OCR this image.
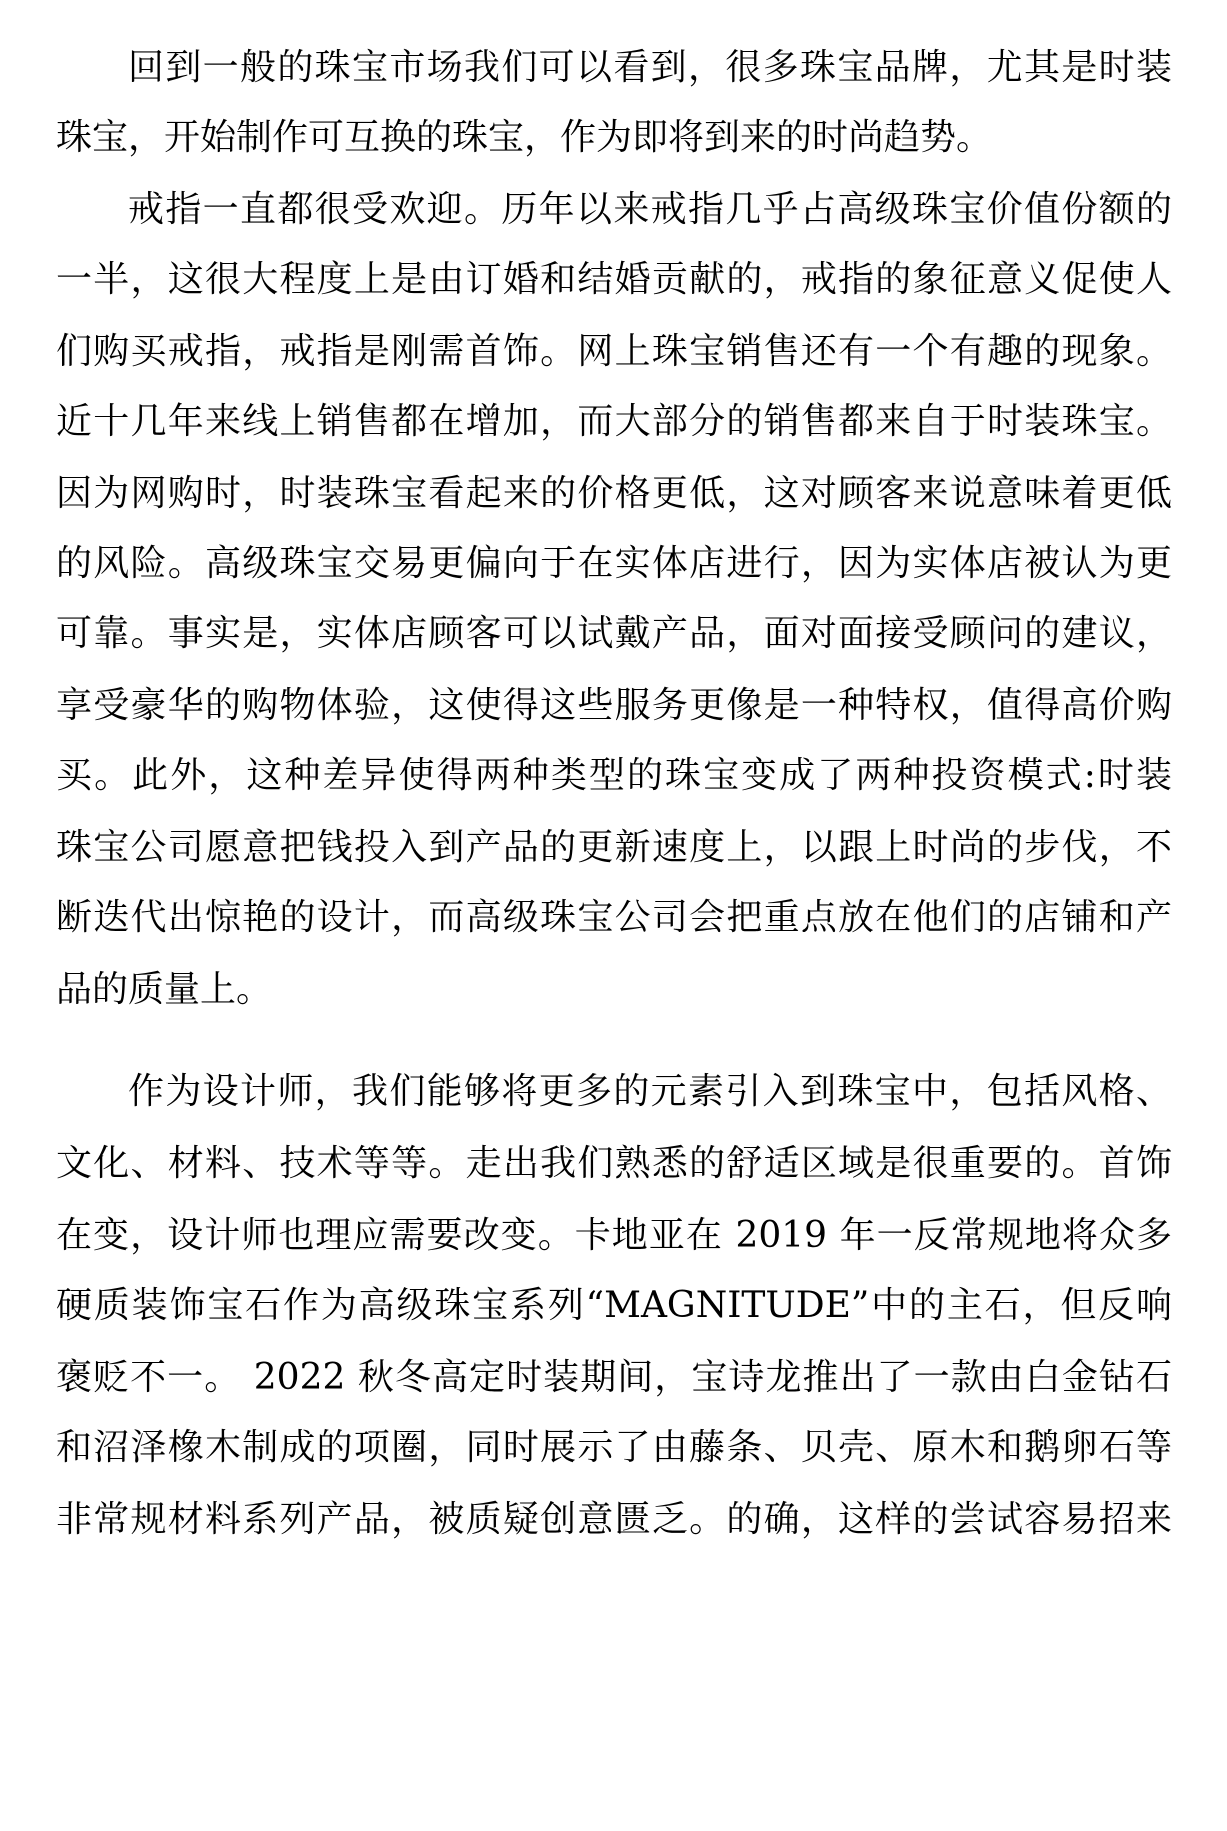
回到一般的珠宝市场我们可以看到，很多珠宝品牌，尤其是时装

珠宝，开始制作可互换的珠宝，作为即将到来的时尚趋势。

戒指一直都很受欢迎。历年以来戒指几乎占高级珠宝价值份额的

一半，这很大程度上是由订婚和结婚贡献的，戒指的象征意义促使人

们购买戒指，戒指是刚需首饰。网上珠宝销售还有一个有趣的现象。

近十几年来线上销售都在增加，而大部分的销售都来自于时装珠宝。

因为网购时，时装珠宝看起来的价格更低，这对顾客来说意味着更低

的风险。高级珠宝交易更偏向于在实体店进行，因为实体店被认为更

可靠。事实是，实体店顾客可以试戴产品，面对面接受顾问的建议，

享受豪华的购物体验，这使得这些服务更像是一种特权，值得高价购

买。此外，这种差异使得两种类型的珠宝变成了两种投资模式:时装

珠宝公司愿意把钱投入到产品的更新速度上，以跟上时尚的步伐，不

断迭代出惊艳的设计，而高级珠宝公司会把重点放在他们的店铺和产

品的质量上。

作为设计师，我们能够将更多的元素引入到珠宝中，包括风格、

文化、材料、技术等等。走出我们熟悉的舒适区域是很重要的。首饰

在变，设计师也理应需要改变。卡地亚在 2019 年一反常规地将众多

硬质装饰宝石作为高级珠宝系列“MAGNITUDE”中的主石，但反响

褒贬不一。 2022 秋冬高定时装期间，宝诗龙推出了一款由白金钻石

和沼泽橡木制成的项圈，同时展示了由藤条、贝壳、原木和鹅卵石等

非常规材料系列产品，被质疑创意匮乏。的确，这样的尝试容易招来
